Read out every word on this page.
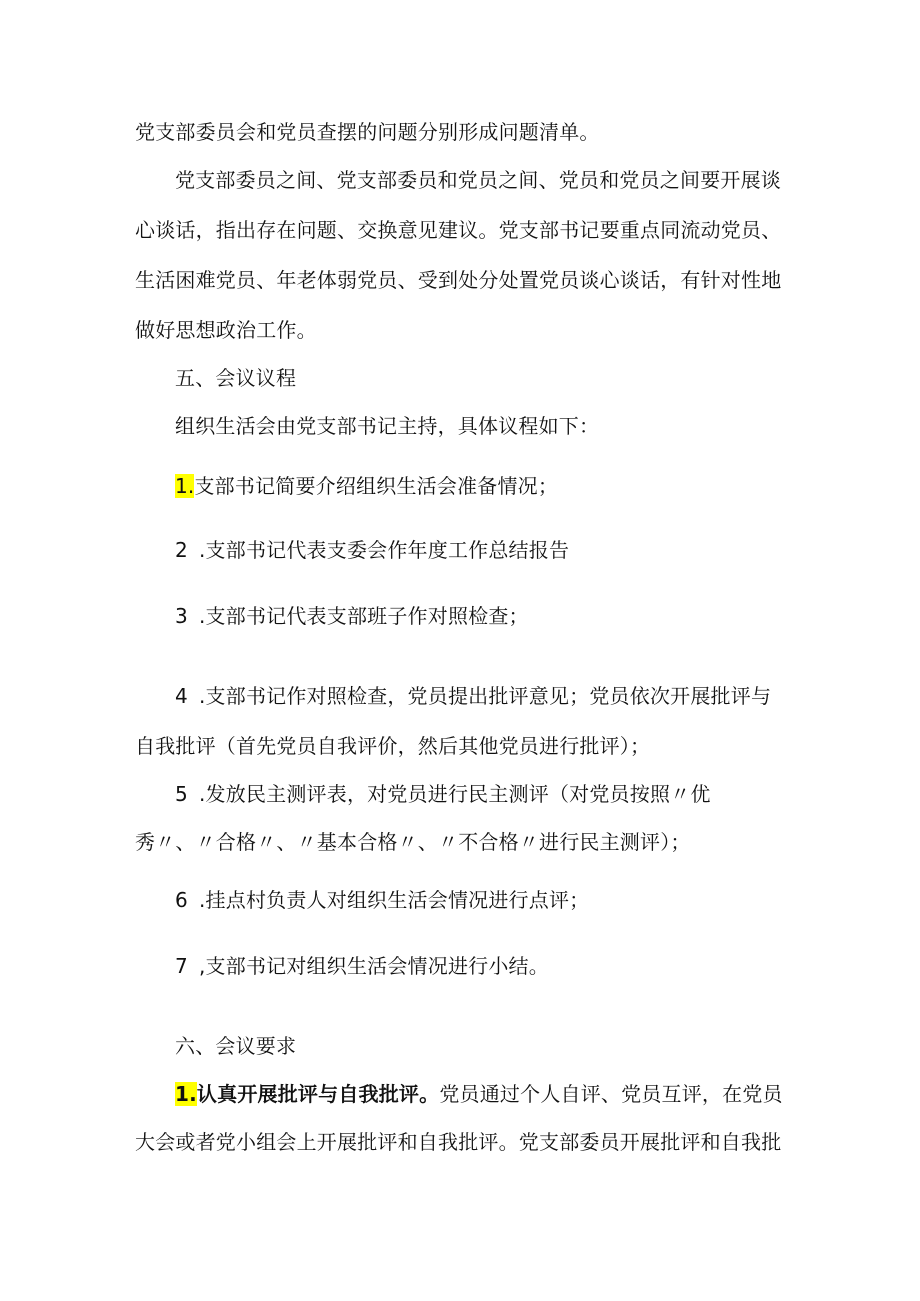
党支部委员会和党员查摆的问题分别形成问题清单。
党支部委员之间、党支部委员和党员之间、党员和党员之间要开展谈
心谈话，指出存在问题、交换意见建议。党支部书记要重点同流动党员、
生活困难党员、年老体弱党员、受到处分处置党员谈心谈话，有针对性地
做好思想政治工作。
五、会议议程
组织生活会由党支部书记主持，具体议程如下：
1.支部书记简要介绍组织生活会准备情况；
2 .支部书记代表支委会作年度工作总结报告
3 .支部书记代表支部班子作对照检查；
4 .支部书记作对照检查，党员提出批评意见；党员依次开展批评与
自我批评（首先党员自我评价，然后其他党员进行批评）；
5 .发放民主测评表，对党员进行民主测评（对党员按照〃优
秀〃、〃合格〃、〃基本合格〃、〃不合格〃进行民主测评）；
6 .挂点村负责人对组织生活会情况进行点评；
7 ,支部书记对组织生活会情况进行小结。
六、会议要求
1.认真开展批评与自我批评。党员通过个人自评、党员互评，在党员
大会或者党小组会上开展批评和自我批评。党支部委员开展批评和自我批
